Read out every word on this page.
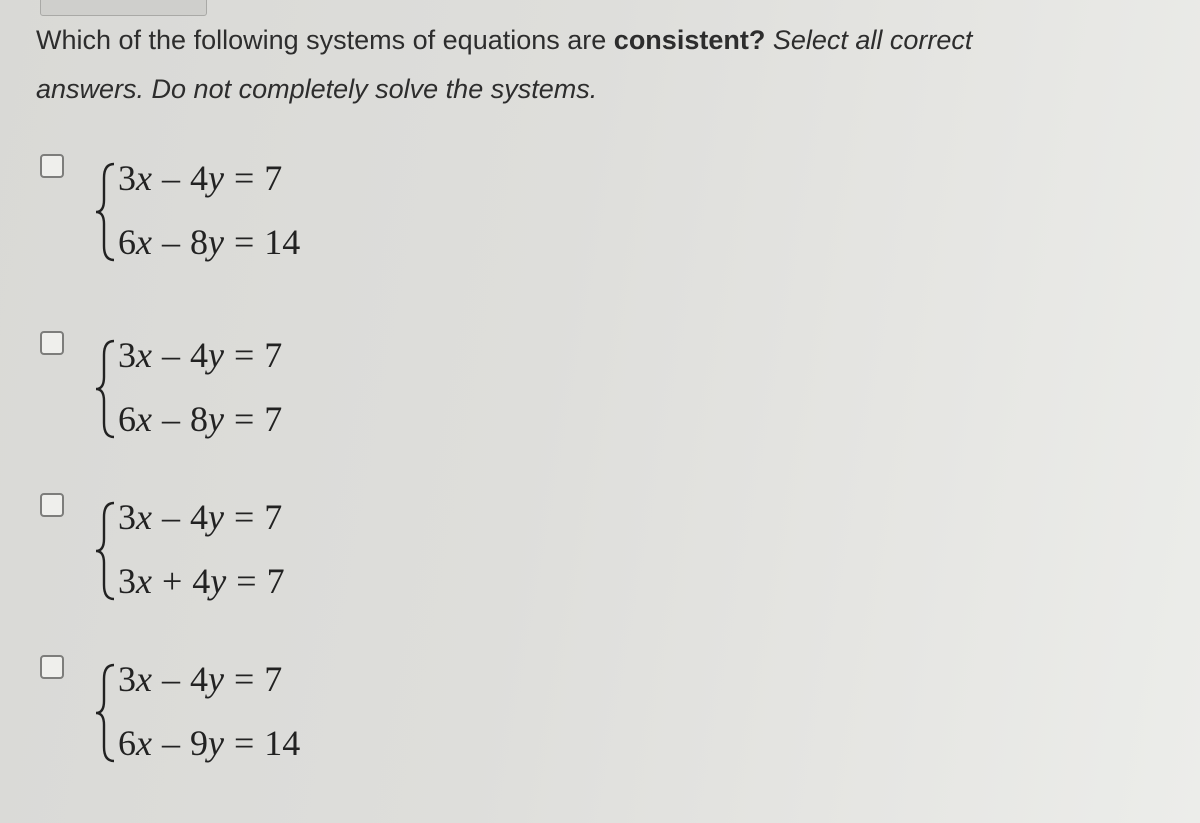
Which of the following systems of equations are consistent? Select all correct answers. Do not completely solve the systems.
3x – 4y = 7
6x – 8y = 14
3x – 4y = 7
6x – 8y = 7
3x – 4y = 7
3x + 4y = 7
3x – 4y = 7
6x – 9y = 14
